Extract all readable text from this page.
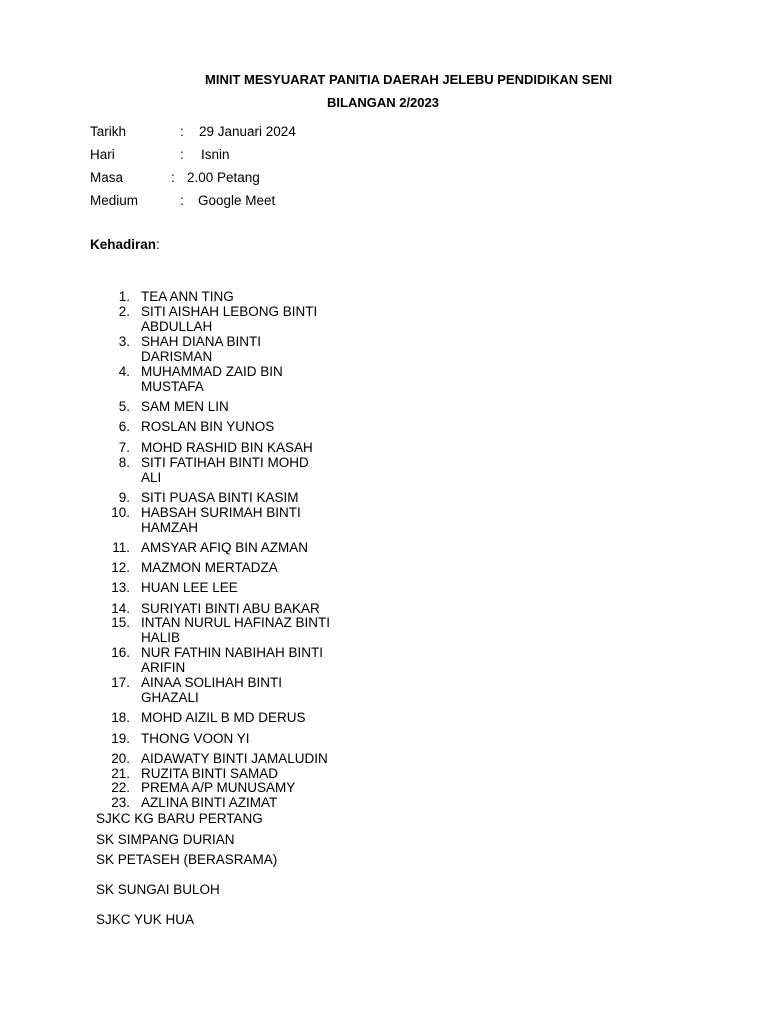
MINIT MESYUARAT PANITIA DAERAH JELEBU PENDIDIKAN SENI
BILANGAN 2/2023
Tarikh	: 29 Januari 2024
Hari	: Isnin
Masa	: 2.00 Petang
Medium	: Google Meet
Kehadiran:
1. TEA ANN TING
2. SITI AISHAH LEBONG BINTI ABDULLAH
3. SHAH DIANA BINTI DARISMAN
4. MUHAMMAD ZAID BIN MUSTAFA
5. SAM MEN LIN
6. ROSLAN BIN YUNOS
7. MOHD RASHID BIN KASAH
8. SITI FATIHAH BINTI MOHD ALI
9. SITI PUASA BINTI KASIM
10. HABSAH SURIMAH BINTI HAMZAH
11. AMSYAR AFIQ BIN AZMAN
12. MAZMON MERTADZA
13. HUAN LEE LEE
14. SURIYATI BINTI ABU BAKAR
15. INTAN NURUL HAFINAZ BINTI HALIB
16. NUR FATHIN NABIHAH BINTI ARIFIN
17. AINAA SOLIHAH BINTI GHAZALI
18. MOHD AIZIL B MD DERUS
19. THONG VOON YI
20. AIDAWATY BINTI JAMALUDIN
21. RUZITA BINTI SAMAD
22. PREMA A/P MUNUSAMY
23. AZLINA BINTI AZIMAT
SJKC KG BARU PERTANG
SK SIMPANG DURIAN
SK PETASEH (BERASRAMA)
SK SUNGAI BULOH
SJKC YUK HUA
